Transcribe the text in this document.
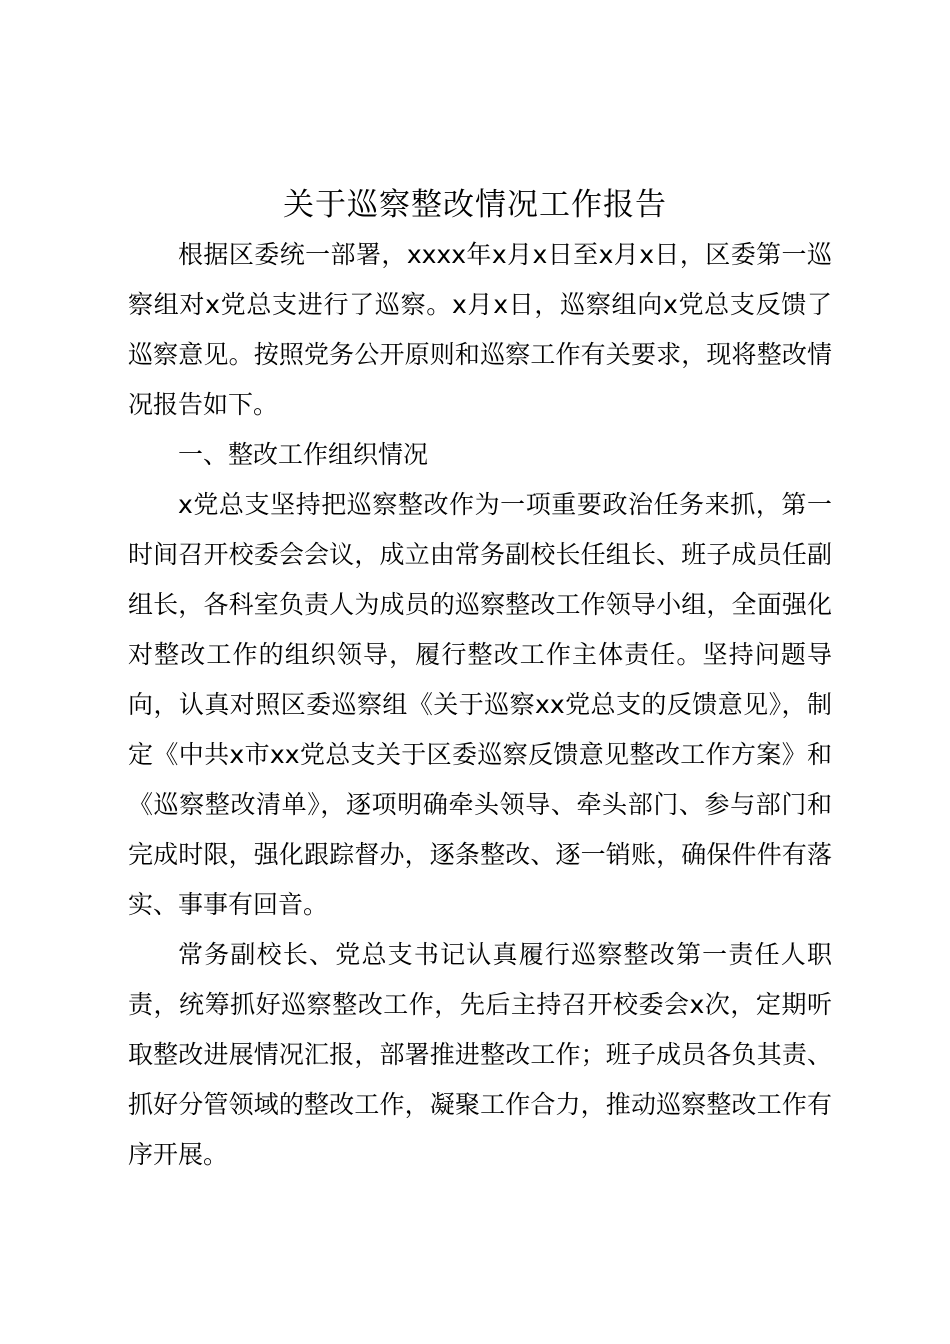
关于巡察整改情况工作报告

根据区委统一部署，xxxx年x月x日至x月x日，区委第一巡察组对x党总支进行了巡察。x月x日，巡察组向x党总支反馈了巡察意见。按照党务公开原则和巡察工作有关要求，现将整改情况报告如下。

一、整改工作组织情况

x党总支坚持把巡察整改作为一项重要政治任务来抓，第一时间召开校委会会议，成立由常务副校长任组长、班子成员任副组长，各科室负责人为成员的巡察整改工作领导小组，全面强化对整改工作的组织领导，履行整改工作主体责任。坚持问题导向，认真对照区委巡察组《关于巡察xx党总支的反馈意见》，制定《中共x市xx党总支关于区委巡察反馈意见整改工作方案》和《巡察整改清单》，逐项明确牵头领导、牵头部门、参与部门和完成时限，强化跟踪督办，逐条整改、逐一销账，确保件件有落实、事事有回音。

常务副校长、党总支书记认真履行巡察整改第一责任人职责，统筹抓好巡察整改工作，先后主持召开校委会x次，定期听取整改进展情况汇报，部署推进整改工作；班子成员各负其责、抓好分管领域的整改工作，凝聚工作合力，推动巡察整改工作有序开展。
